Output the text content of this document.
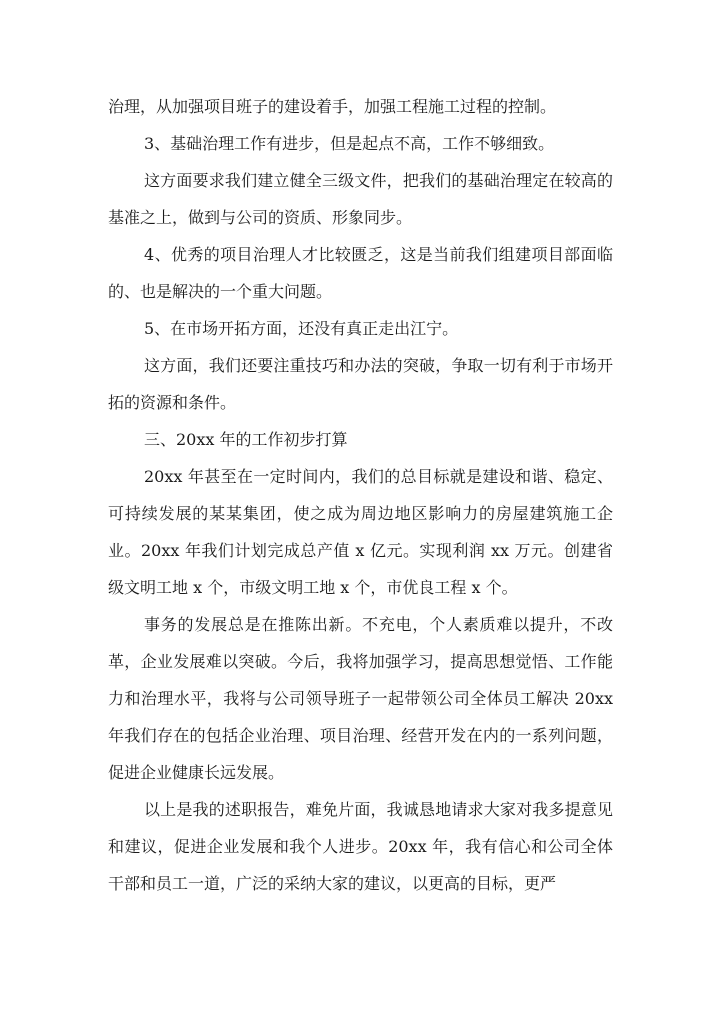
治理，从加强项目班子的建设着手，加强工程施工过程的控制。

3、基础治理工作有进步，但是起点不高，工作不够细致。

这方面要求我们建立健全三级文件，把我们的基础治理定在较高的基准之上，做到与公司的资质、形象同步。

4、优秀的项目治理人才比较匮乏，这是当前我们组建项目部面临的、也是解决的一个重大问题。

5、在市场开拓方面，还没有真正走出江宁。

这方面，我们还要注重技巧和办法的突破，争取一切有利于市场开拓的资源和条件。

三、20xx 年的工作初步打算

20xx 年甚至在一定时间内，我们的总目标就是建设和谐、稳定、可持续发展的某某集团，使之成为周边地区影响力的房屋建筑施工企业。20xx 年我们计划完成总产值 x 亿元。实现利润 xx 万元。创建省级文明工地 x 个，市级文明工地 x 个，市优良工程 x 个。

事务的发展总是在推陈出新。不充电，个人素质难以提升，不改革，企业发展难以突破。今后，我将加强学习，提高思想觉悟、工作能力和治理水平，我将与公司领导班子一起带领公司全体员工解决 20xx 年我们存在的包括企业治理、项目治理、经营开发在内的一系列问题，促进企业健康长远发展。

以上是我的述职报告，难免片面，我诚恳地请求大家对我多提意见和建议，促进企业发展和我个人进步。20xx 年，我有信心和公司全体干部和员工一道，广泛的采纳大家的建议，以更高的目标，更严
